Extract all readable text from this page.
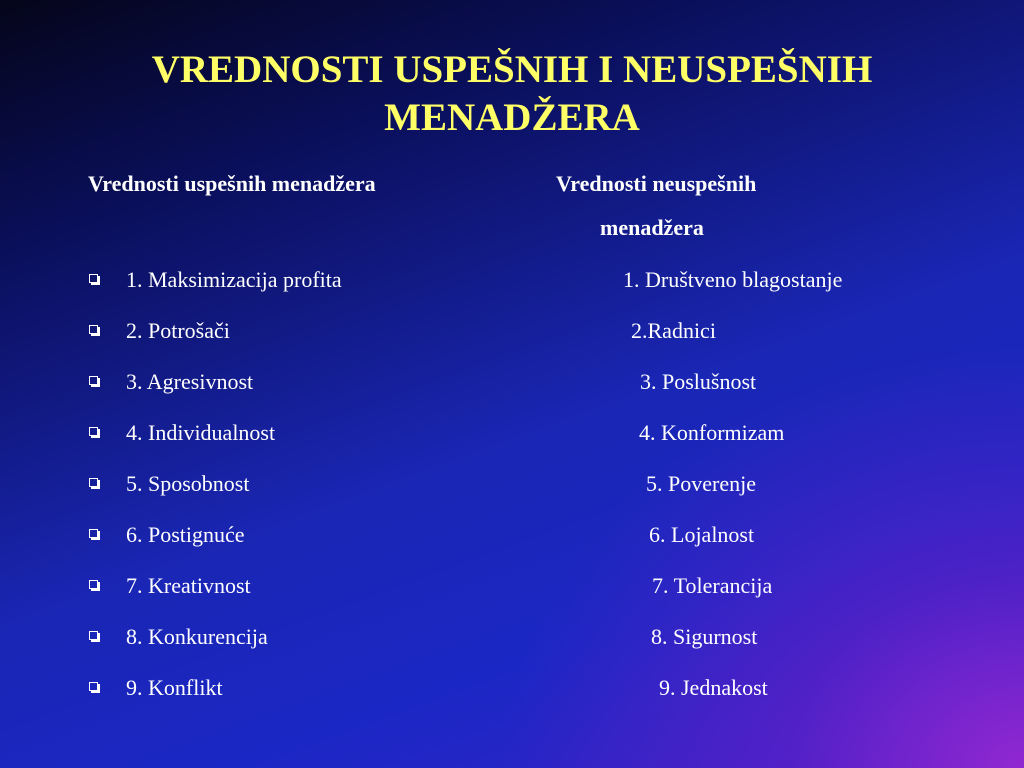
VREDNOSTI USPEŠNIH I NEUSPEŠNIH
MENADŽERA
Vrednosti uspešnih menadžera	Vrednosti neuspešnih
menadžera
1. Maksimizacija profita	1. Društveno blagostanje
2. Potrošači	2.Radnici
3. Agresivnost	3. Poslušnost
4. Individualnost	4. Konformizam
5. Sposobnost	5. Poverenje
6. Postignuće	6. Lojalnost
7. Kreativnost	7. Tolerancija
8. Konkurencija	8. Sigurnost
9. Konflikt	9. Jednakost
